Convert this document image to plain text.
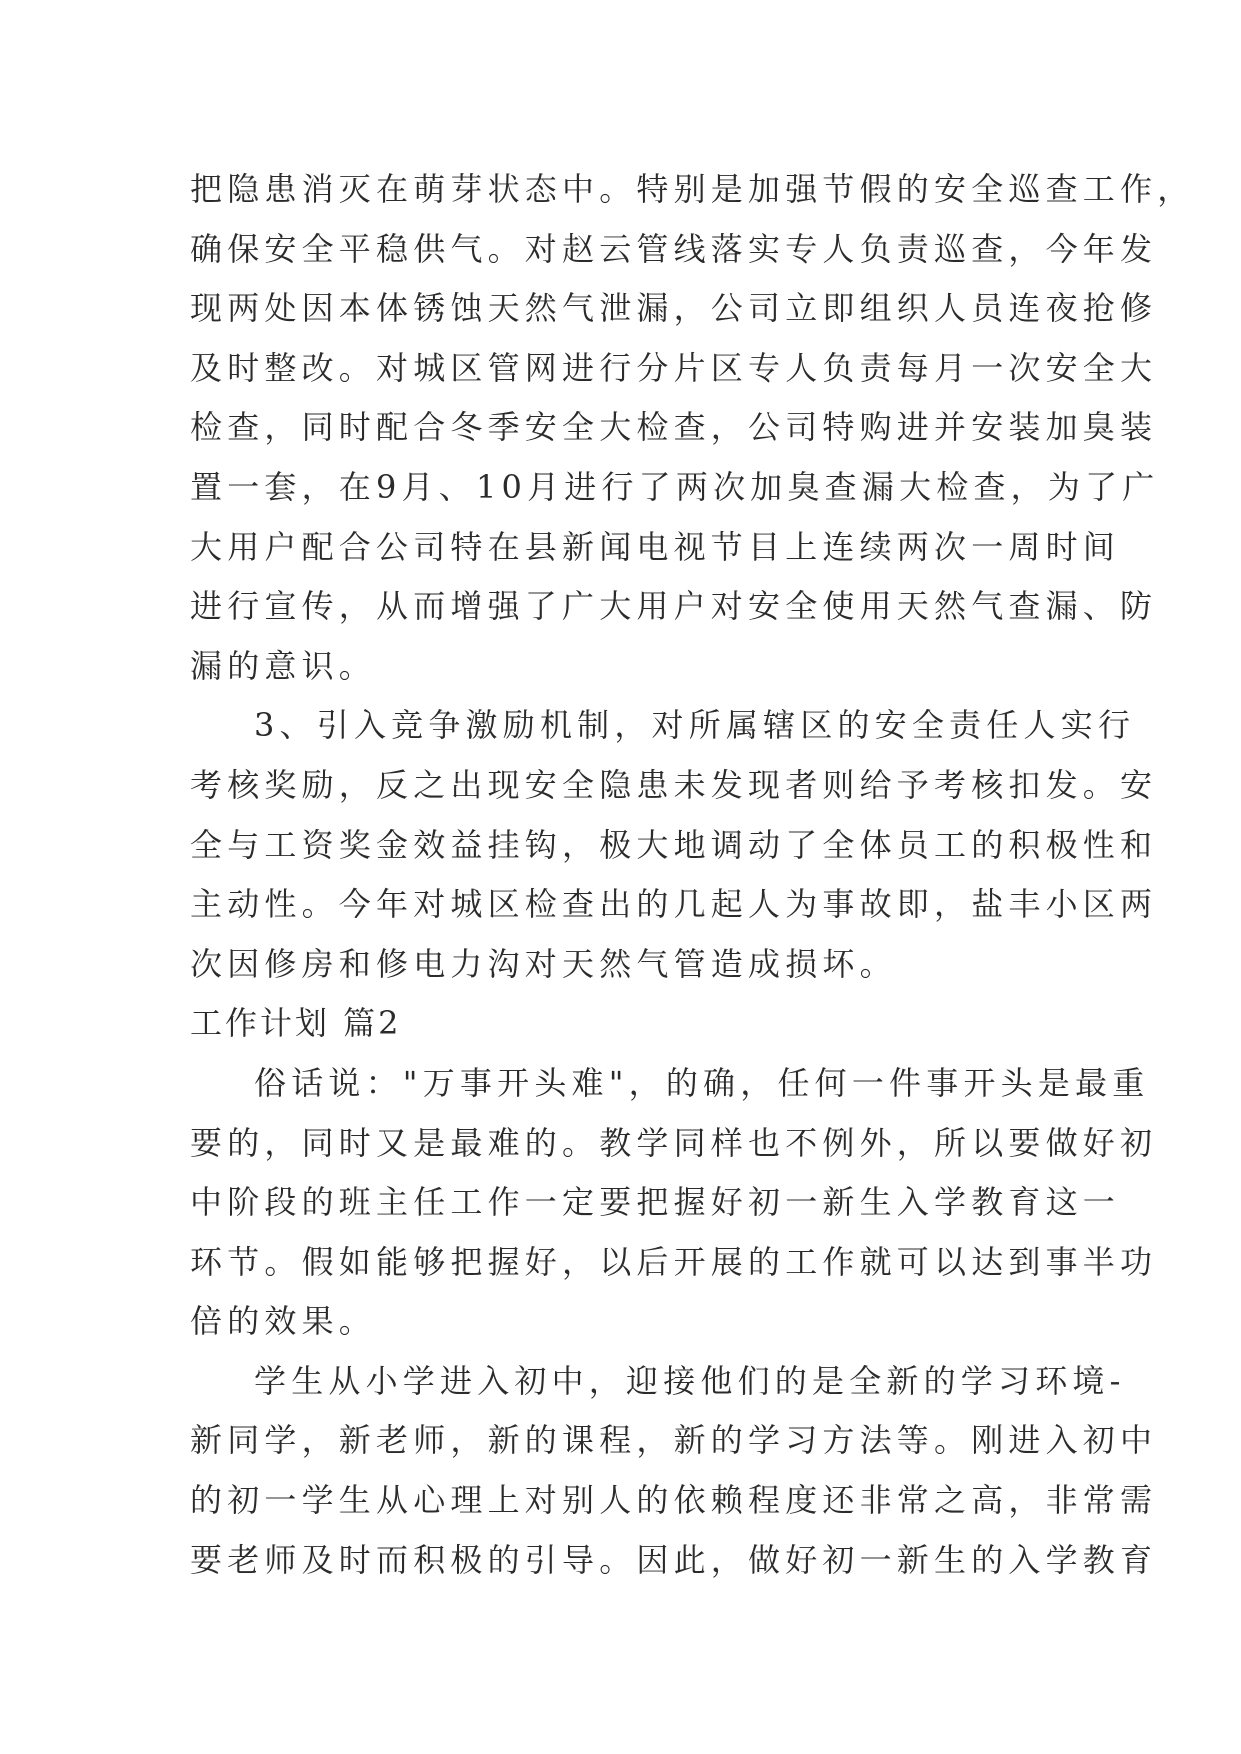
把隐患消灭在萌芽状态中。特别是加强节假的安全巡查工作，
确保安全平稳供气。对赵云管线落实专人负责巡查，今年发
现两处因本体锈蚀天然气泄漏，公司立即组织人员连夜抢修
及时整改。对城区管网进行分片区专人负责每月一次安全大
检查，同时配合冬季安全大检查，公司特购进并安装加臭装
置一套，在9月、10月进行了两次加臭查漏大检查，为了广
大用户配合公司特在县新闻电视节目上连续两次一周时间
进行宣传，从而增强了广大用户对安全使用天然气查漏、防
漏的意识。
3、引入竞争激励机制，对所属辖区的安全责任人实行
考核奖励，反之出现安全隐患未发现者则给予考核扣发。安
全与工资奖金效益挂钩，极大地调动了全体员工的积极性和
主动性。今年对城区检查出的几起人为事故即，盐丰小区两
次因修房和修电力沟对天然气管造成损坏。
工作计划 篇2
俗话说："万事开头难"，的确，任何一件事开头是最重
要的，同时又是最难的。教学同样也不例外，所以要做好初
中阶段的班主任工作一定要把握好初一新生入学教育这一
环节。假如能够把握好，以后开展的工作就可以达到事半功
倍的效果。
学生从小学进入初中，迎接他们的是全新的学习环境-
新同学，新老师，新的课程，新的学习方法等。刚进入初中
的初一学生从心理上对别人的依赖程度还非常之高，非常需
要老师及时而积极的引导。因此，做好初一新生的入学教育
